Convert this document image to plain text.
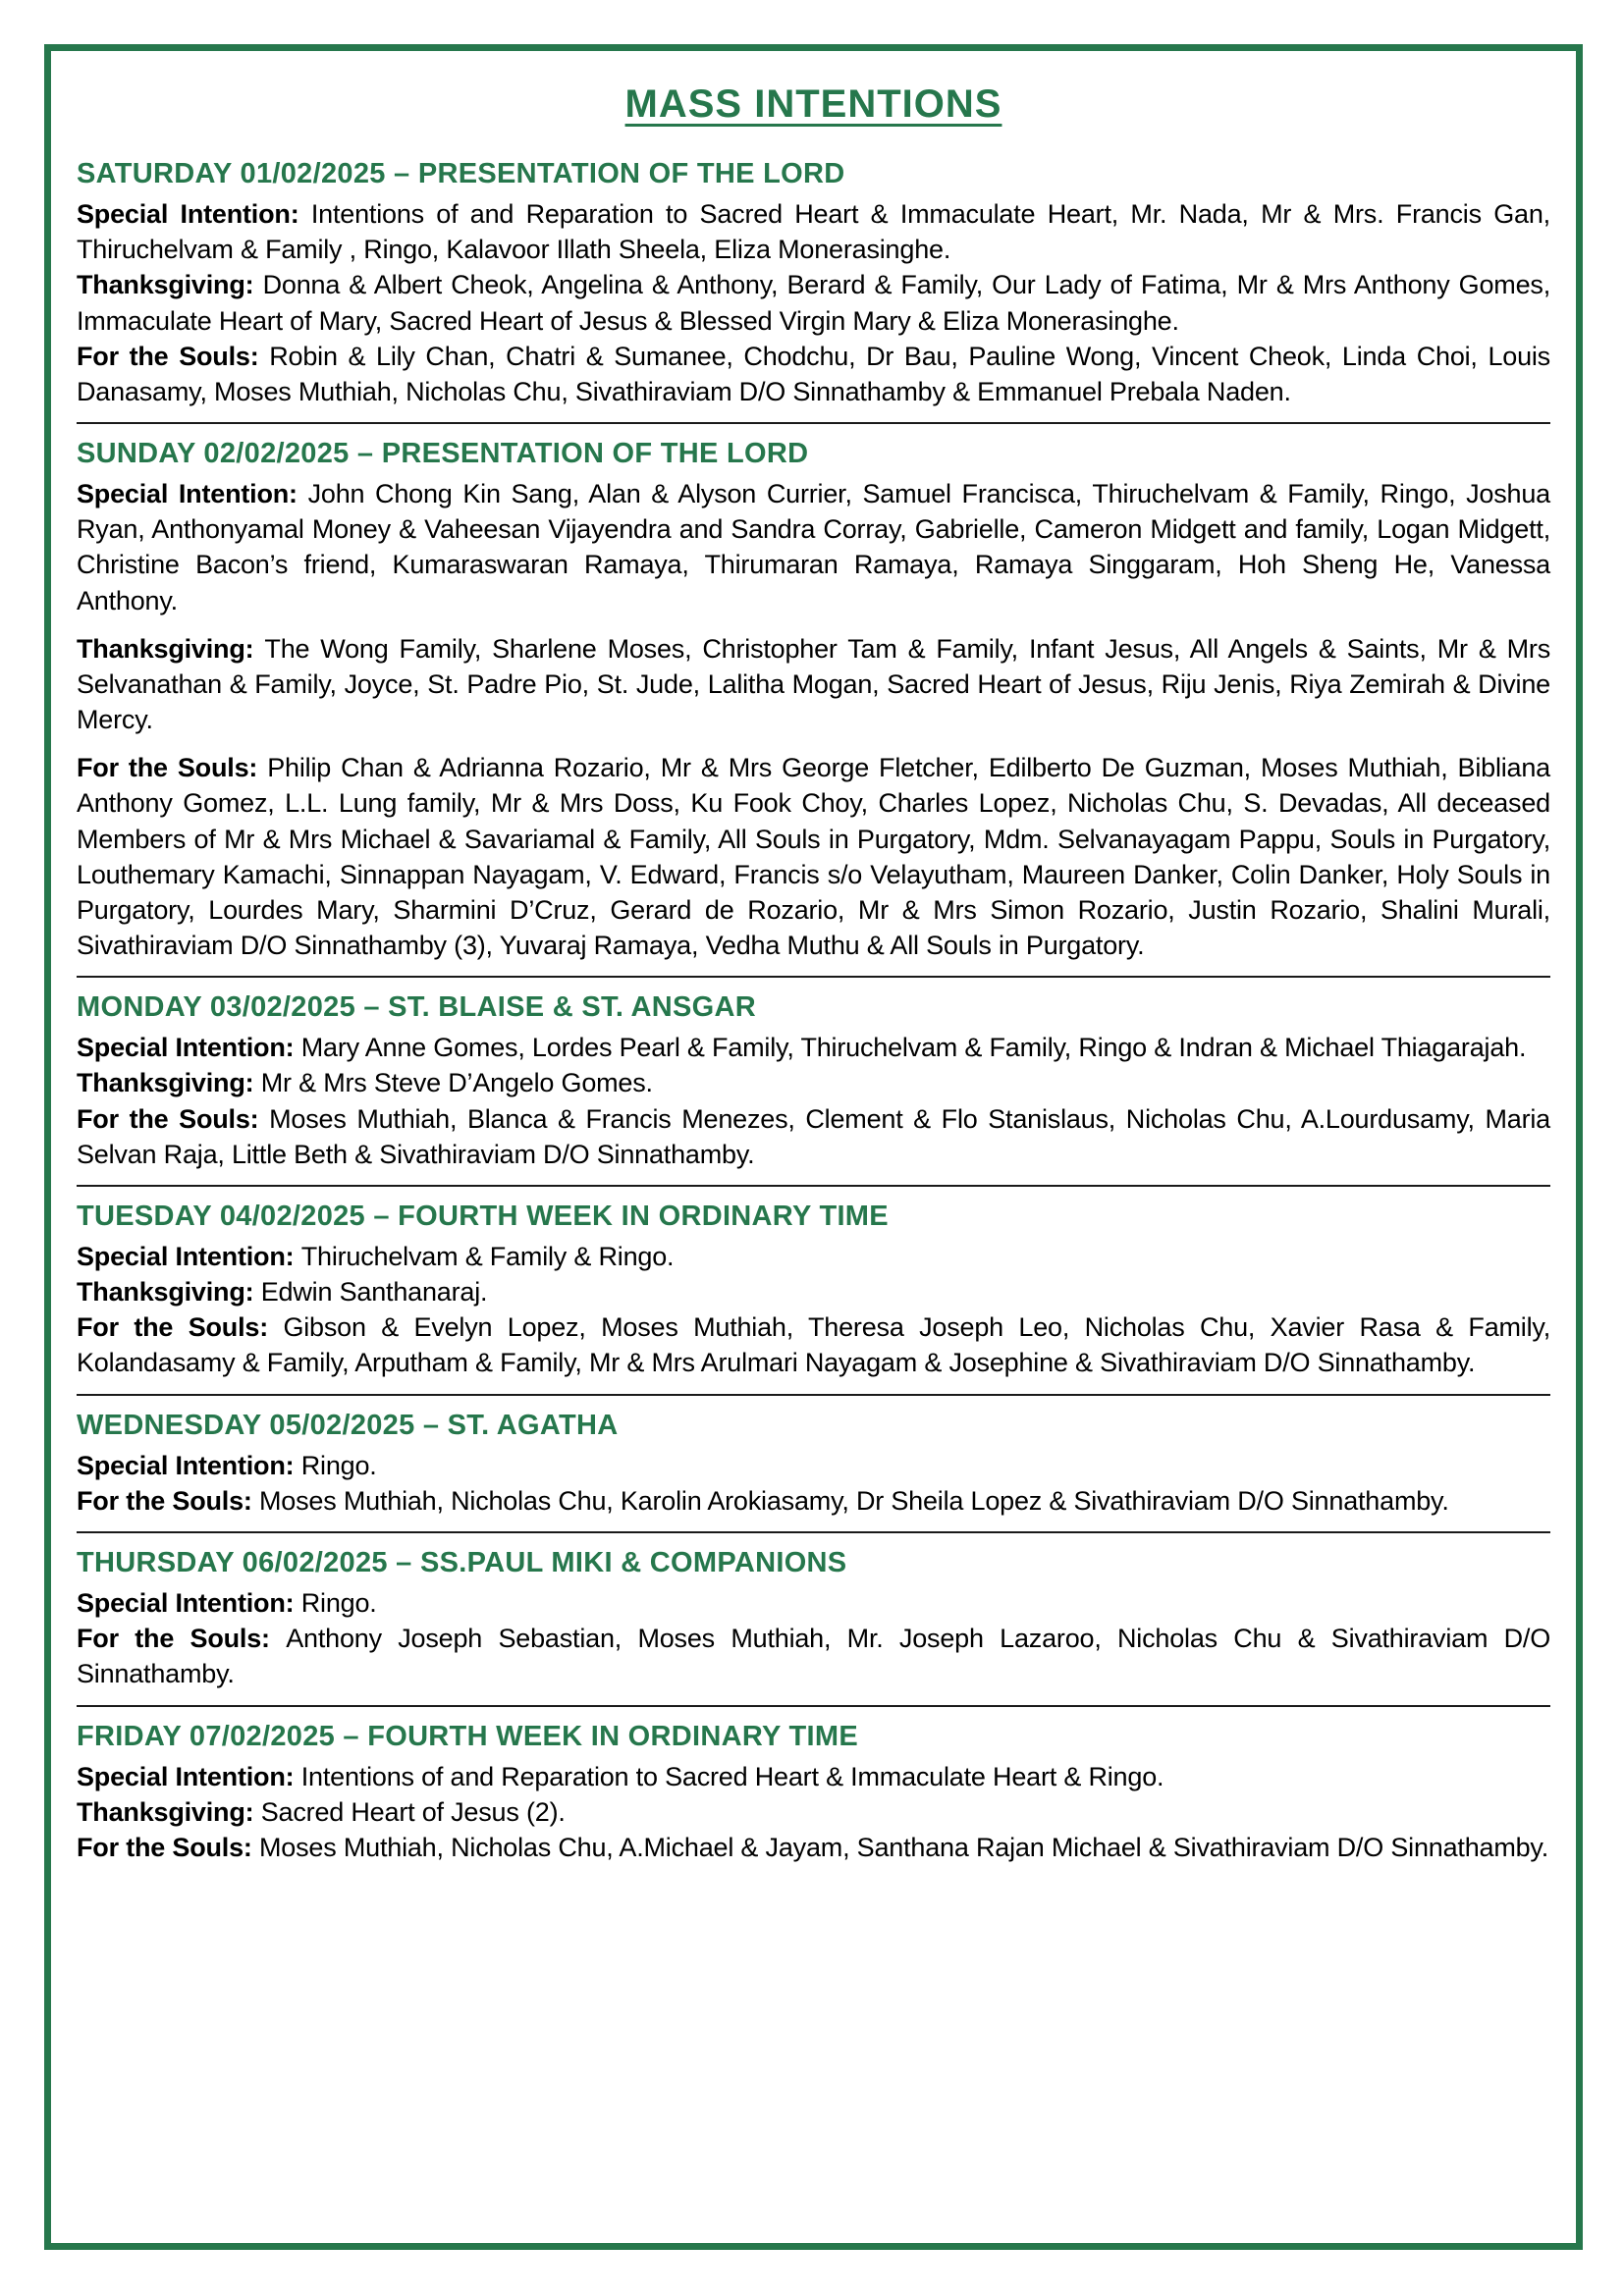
MASS INTENTIONS
SATURDAY 01/02/2025 – PRESENTATION OF THE LORD

Special Intention: Intentions of and Reparation to Sacred Heart & Immaculate Heart, Mr. Nada, Mr & Mrs. Francis Gan, Thiruchelvam & Family , Ringo, Kalavoor Illath Sheela, Eliza Monerasinghe.

Thanksgiving: Donna & Albert Cheok, Angelina & Anthony, Berard & Family, Our Lady of Fatima, Mr & Mrs Anthony Gomes, Immaculate Heart of Mary, Sacred Heart of Jesus & Blessed Virgin Mary & Eliza Monerasinghe.

For the Souls: Robin & Lily Chan, Chatri & Sumanee, Chodchu, Dr Bau, Pauline Wong, Vincent Cheok, Linda Choi, Louis Danasamy, Moses Muthiah, Nicholas Chu, Sivathiraviam D/O Sinnathamby & Emmanuel Prebala Naden.

SUNDAY 02/02/2025 – PRESENTATION OF THE LORD

Special Intention: John Chong Kin Sang, Alan & Alyson Currier, Samuel Francisca, Thiruchelvam & Family, Ringo, Joshua Ryan, Anthonyamal Money & Vaheesan Vijayendra and Sandra Corray, Gabrielle, Cameron Midgett and family, Logan Midgett, Christine Bacon’s friend, Kumaraswaran Ramaya, Thirumaran Ramaya, Ramaya Singgaram, Hoh Sheng He, Vanessa Anthony.

Thanksgiving: The Wong Family, Sharlene Moses, Christopher Tam & Family, Infant Jesus, All Angels & Saints, Mr & Mrs Selvanathan & Family, Joyce, St. Padre Pio, St. Jude, Lalitha Mogan, Sacred Heart of Jesus, Riju Jenis, Riya Zemirah & Divine Mercy.

For the Souls: Philip Chan & Adrianna Rozario, Mr & Mrs George Fletcher, Edilberto De Guzman, Moses Muthiah, Bibliana Anthony Gomez, L.L. Lung family, Mr & Mrs Doss, Ku Fook Choy, Charles Lopez, Nicholas Chu, S. Devadas, All deceased Members of Mr & Mrs Michael & Savariamal & Family, All Souls in Purgatory, Mdm. Selvanayagam Pappu, Souls in Purgatory, Louthemary Kamachi, Sinnappan Nayagam, V. Edward, Francis s/o Velayutham, Maureen Danker, Colin Danker, Holy Souls in Purgatory, Lourdes Mary, Sharmini D’Cruz, Gerard de Rozario, Mr & Mrs Simon Rozario, Justin Rozario, Shalini Murali, Sivathiraviam D/O Sinnathamby (3), Yuvaraj Ramaya, Vedha Muthu & All Souls in Purgatory.

MONDAY 03/02/2025 – ST. BLAISE & ST. ANSGAR

Special Intention: Mary Anne Gomes, Lordes Pearl & Family, Thiruchelvam & Family, Ringo & Indran & Michael Thiagarajah.

Thanksgiving: Mr & Mrs Steve D’Angelo Gomes.

For the Souls: Moses Muthiah, Blanca & Francis Menezes, Clement & Flo Stanislaus, Nicholas Chu, A.Lourdusamy, Maria Selvan Raja, Little Beth & Sivathiraviam D/O Sinnathamby.

TUESDAY 04/02/2025 – FOURTH WEEK IN ORDINARY TIME

Special Intention: Thiruchelvam & Family & Ringo.

Thanksgiving: Edwin Santhanaraj.

For the Souls: Gibson & Evelyn Lopez, Moses Muthiah, Theresa Joseph Leo, Nicholas Chu, Xavier Rasa & Family, Kolandasamy & Family, Arputham & Family, Mr & Mrs Arulmari Nayagam & Josephine & Sivathiraviam D/O Sinnathamby.

WEDNESDAY 05/02/2025 – ST. AGATHA

Special Intention: Ringo.

For the Souls: Moses Muthiah, Nicholas Chu, Karolin Arokiasamy, Dr Sheila Lopez & Sivathiraviam D/O Sinnathamby.

THURSDAY 06/02/2025 – SS.PAUL MIKI & COMPANIONS

Special Intention: Ringo.

For the Souls: Anthony Joseph Sebastian, Moses Muthiah, Mr. Joseph Lazaroo, Nicholas Chu & Sivathiraviam D/O Sinnathamby.

FRIDAY 07/02/2025 – FOURTH WEEK IN ORDINARY TIME

Special Intention: Intentions of and Reparation to Sacred Heart & Immaculate Heart & Ringo.

Thanksgiving: Sacred Heart of Jesus (2).

For the Souls: Moses Muthiah, Nicholas Chu, A.Michael & Jayam, Santhana Rajan Michael & Sivathiraviam D/O Sinnathamby.
